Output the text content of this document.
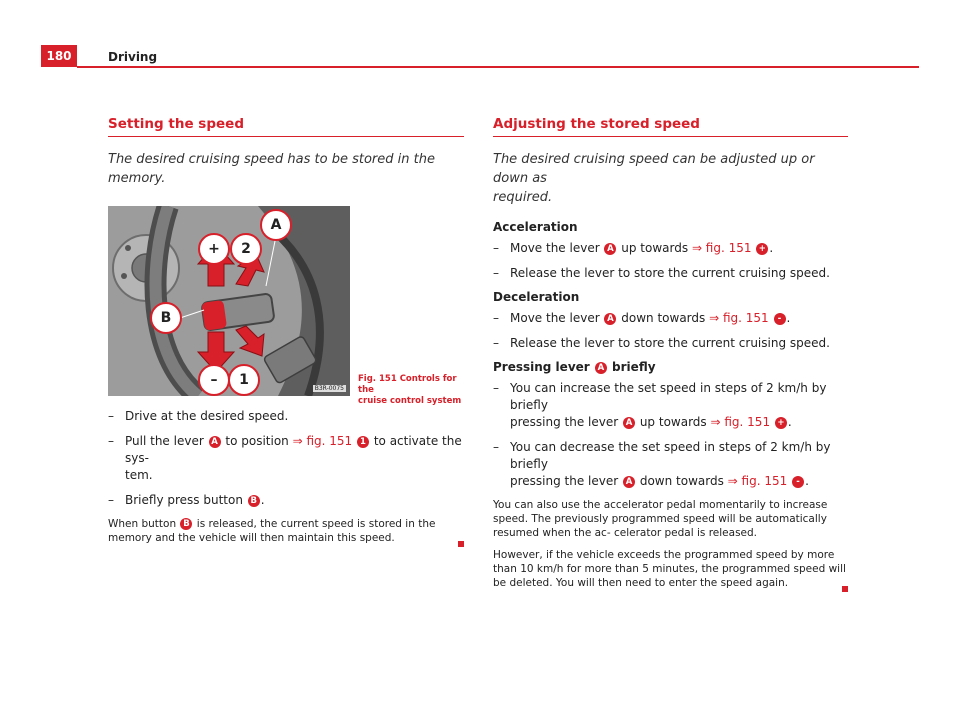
180	Driving
Setting the speed

The desired cruising speed has to be stored in the memory.

A
+	2
B
–	1
B3R-0075
Fig. 151 Controls for the
cruise control system
– Drive at the desired speed.
– Pull the lever A to position ⇒ fig. 151 1 to activate the sys-
tem.
– Briefly press button B .

When button B is released, the current speed is stored in the memory and the vehicle will then maintain this speed.

Adjusting the stored speed

The desired cruising speed can be adjusted up or down as
required.

Acceleration
– Move the lever A up towards ⇒ fig. 151 + .
– Release the lever to store the current cruising speed.
Deceleration
– Move the lever A down towards ⇒ fig. 151 - .
– Release the lever to store the current cruising speed.
Pressing lever A briefly
– You can increase the set speed in steps of 2 km/h by briefly
pressing the lever A up towards ⇒ fig. 151 + .
– You can decrease the set speed in steps of 2 km/h by briefly
pressing the lever A down towards ⇒ fig. 151 - .

You can also use the accelerator pedal momentarily to increase speed. The previously programmed speed will be automatically resumed when the ac- celerator pedal is released.

However, if the vehicle exceeds the programmed speed by more than 10 km/h for more than 5 minutes, the programmed speed will be deleted. You will then need to enter the speed again.
